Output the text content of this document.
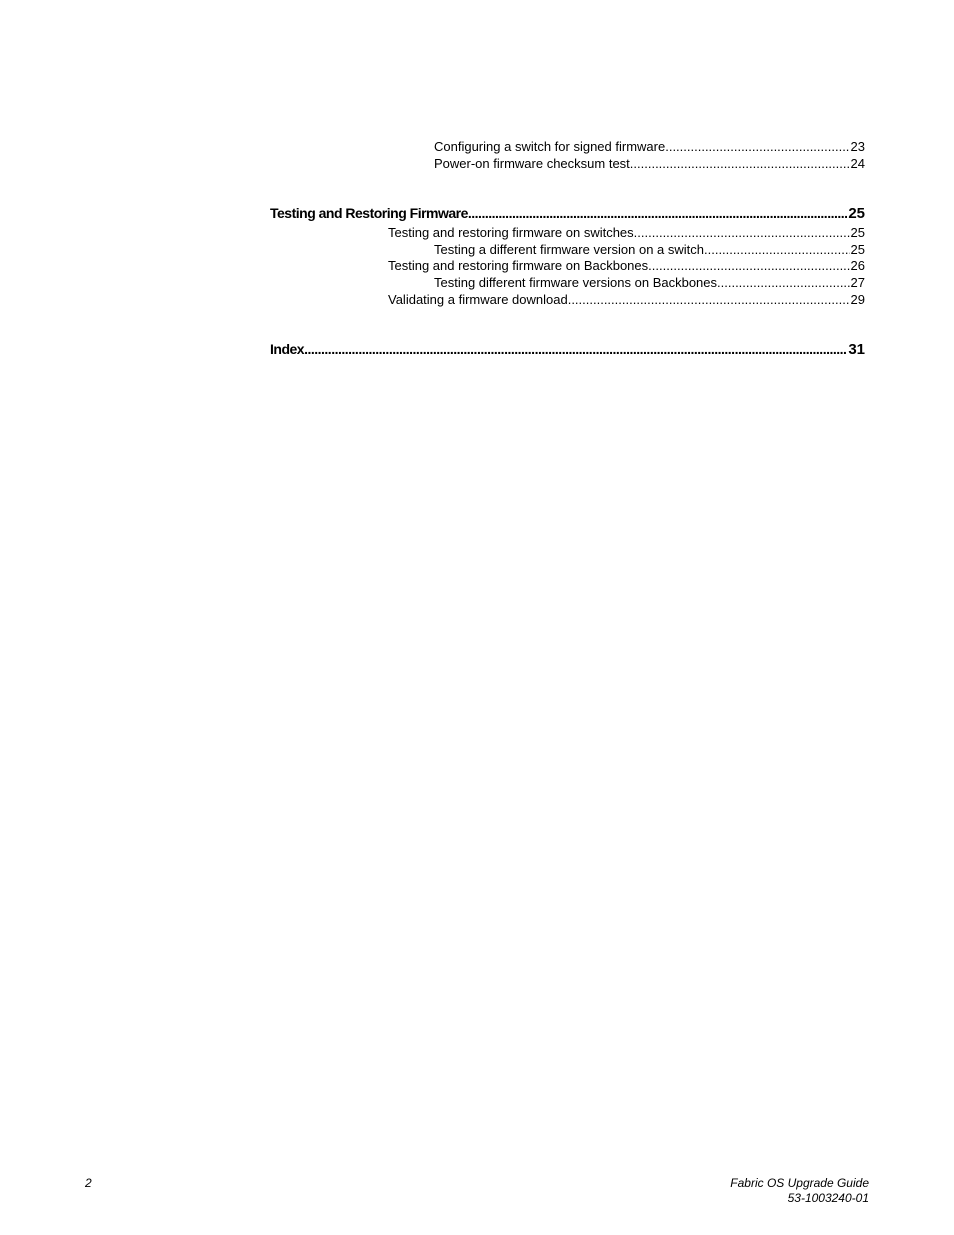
Configuring a switch for signed firmware .....	23
Power-on firmware checksum test .....	24
Testing and Restoring Firmware .....	25
Testing and restoring firmware on switches .....	25
Testing a different firmware version on a switch .....	25
Testing and restoring firmware on Backbones .....	26
Testing different firmware versions on Backbones .....	27
Validating a firmware download .....	29
Index .....	31
2	Fabric OS Upgrade Guide
53-1003240-01
